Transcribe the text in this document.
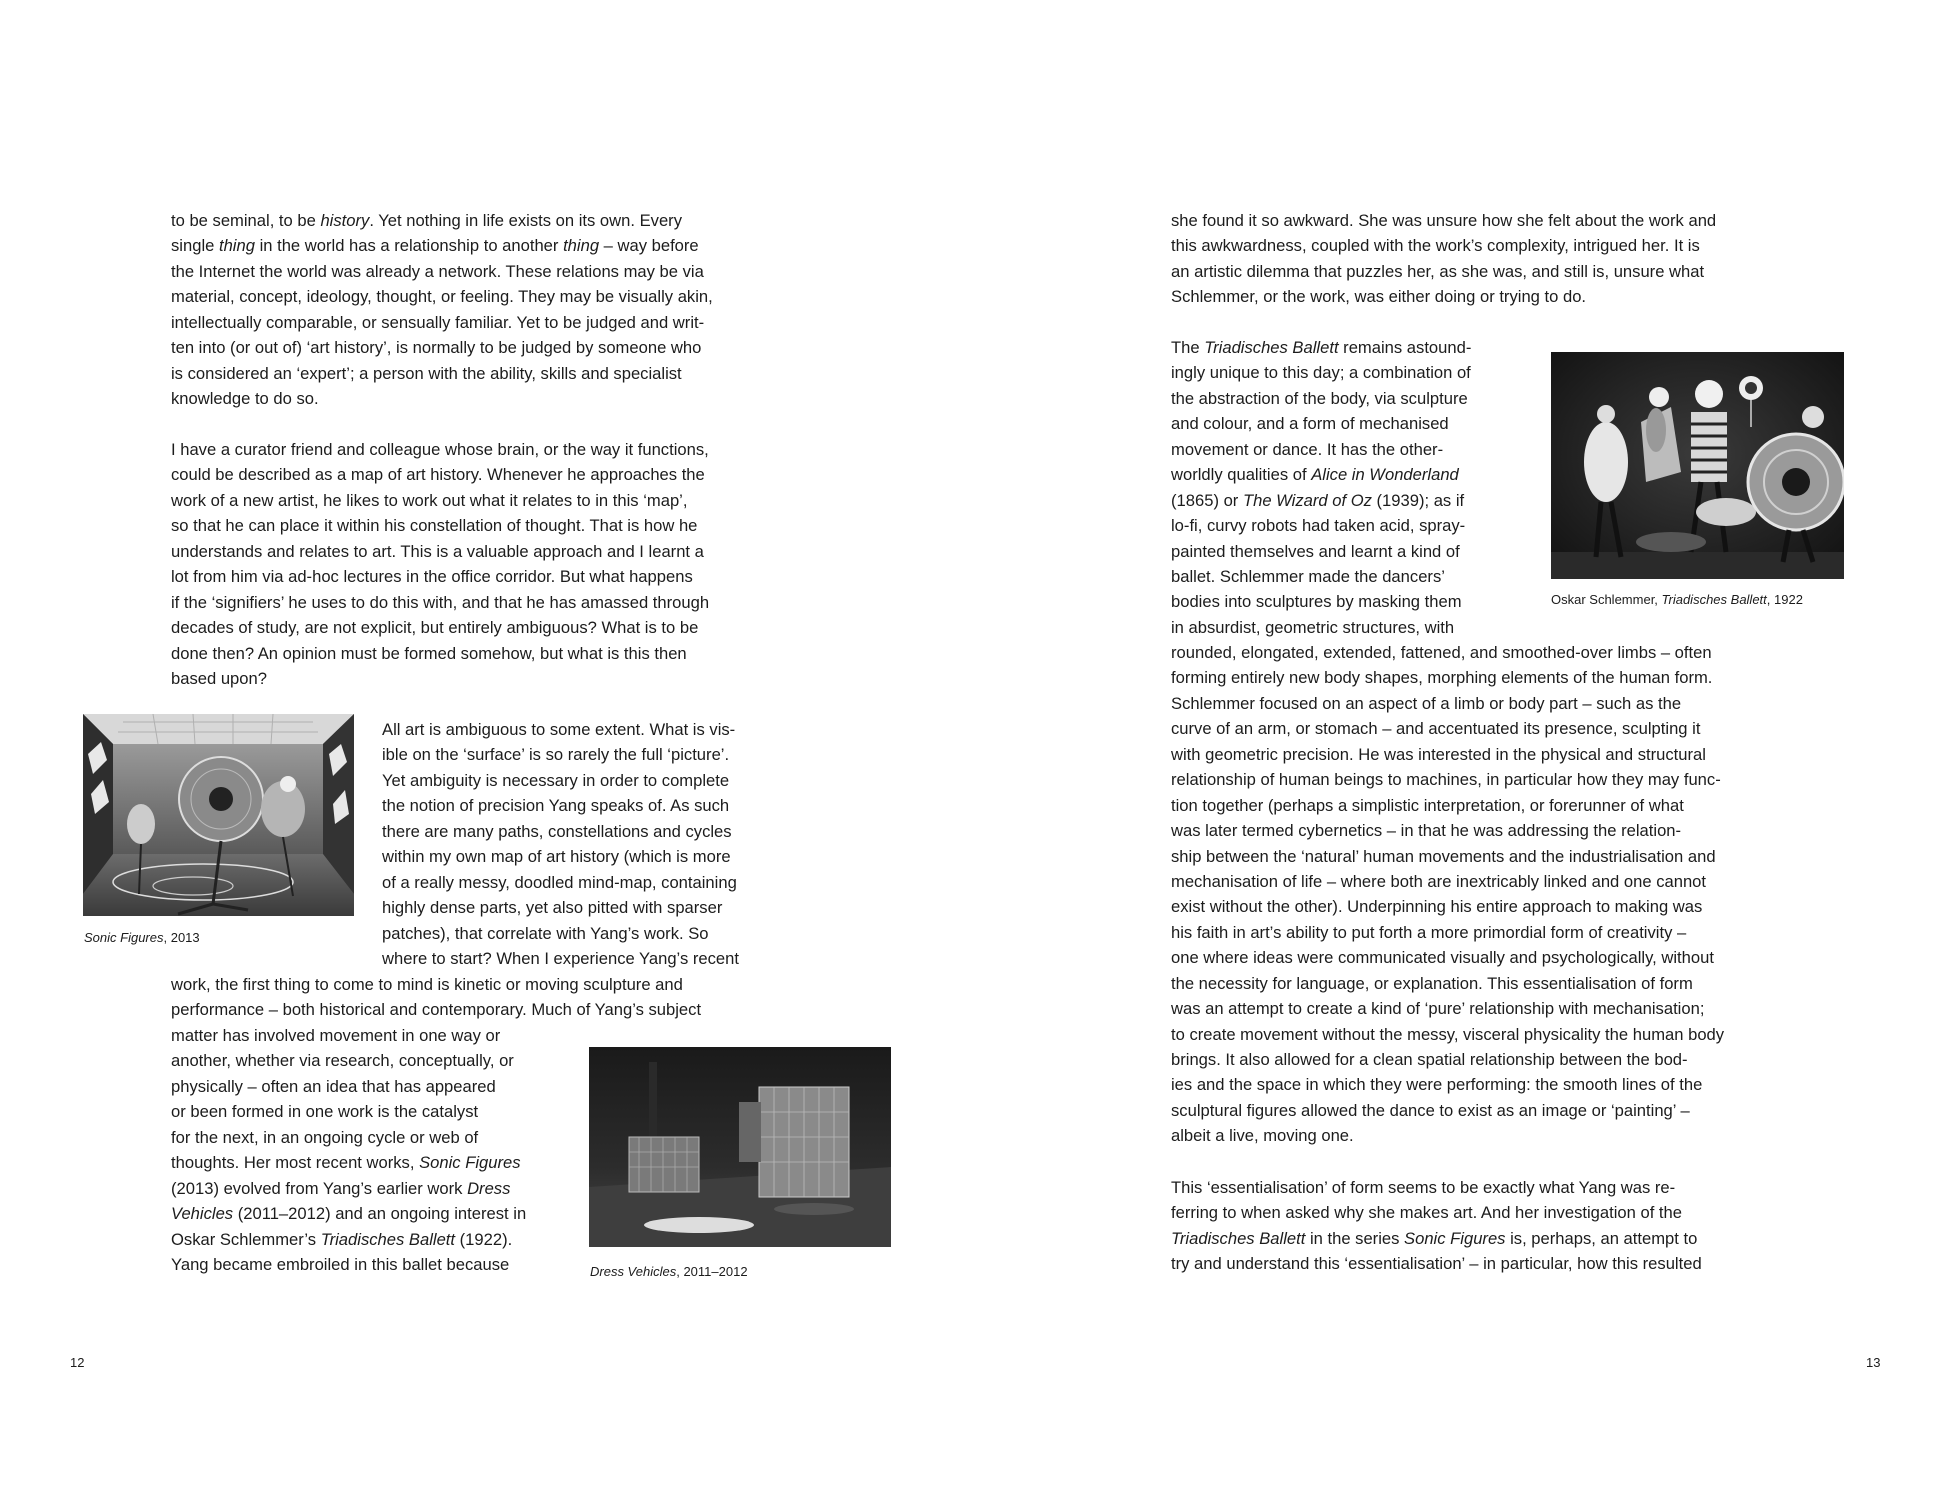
to be seminal, to be history. Yet nothing in life exists on its own. Every
single thing in the world has a relationship to another thing – way before
the Internet the world was already a network. These relations may be via
material, concept, ideology, thought, or feeling. They may be visually akin,
intellectually comparable, or sensually familiar. Yet to be judged and writ-
ten into (or out of) ‘art history’, is normally to be judged by someone who
is considered an ‘expert’; a person with the ability, skills and specialist
knowledge to do so.
I have a curator friend and colleague whose brain, or the way it functions,
could be described as a map of art history. Whenever he approaches the
work of a new artist, he likes to work out what it relates to in this ‘map’,
so that he can place it within his constellation of thought. That is how he
understands and relates to art. This is a valuable approach and I learnt a
lot from him via ad-hoc lectures in the office corridor. But what happens
if the ‘signifiers’ he uses to do this with, and that he has amassed through
decades of study, are not explicit, but entirely ambiguous? What is to be
done then? An opinion must be formed somehow, but what is this then
based upon?
Sonic Figures, 2013
All art is ambiguous to some extent. What is vis-
ible on the ‘surface’ is so rarely the full ‘picture’.
Yet ambiguity is necessary in order to complete
the notion of precision Yang speaks of. As such
there are many paths, constellations and cycles
within my own map of art history (which is more
of a really messy, doodled mind-map, containing
highly dense parts, yet also pitted with sparser
patches), that correlate with Yang’s work. So
where to start? When I experience Yang’s recent
work, the first thing to come to mind is kinetic or moving sculpture and
performance – both historical and contemporary. Much of Yang’s subject
matter has involved movement in one way or
another, whether via research, conceptually, or
physically – often an idea that has appeared
or been formed in one work is the catalyst
for the next, in an ongoing cycle or web of
thoughts. Her most recent works, Sonic Figures
(2013) evolved from Yang’s earlier work Dress
Vehicles (2011–2012) and an ongoing interest in
Oskar Schlemmer’s Triadisches Ballett (1922).
Yang became embroiled in this ballet because	Dress Vehicles, 2011–2012
12
she found it so awkward. She was unsure how she felt about the work and
this awkwardness, coupled with the work’s complexity, intrigued her. It is
an artistic dilemma that puzzles her, as she was, and still is, unsure what
Schlemmer, or the work, was either doing or trying to do.
The Triadisches Ballett remains astound-
ingly unique to this day; a combination of
the abstraction of the body, via sculpture
and colour, and a form of mechanised
movement or dance. It has the other-
worldly qualities of Alice in Wonderland
(1865) or The Wizard of Oz (1939); as if
lo-fi, curvy robots had taken acid, spray-
painted themselves and learnt a kind of
ballet. Schlemmer made the dancers’
bodies into sculptures by masking them
in absurdist, geometric structures, with
Oskar Schlemmer, Triadisches Ballett, 1922
rounded, elongated, extended, fattened, and smoothed-over limbs – often
forming entirely new body shapes, morphing elements of the human form.
Schlemmer focused on an aspect of a limb or body part – such as the
curve of an arm, or stomach – and accentuated its presence, sculpting it
with geometric precision. He was interested in the physical and structural
relationship of human beings to machines, in particular how they may func-
tion together (perhaps a simplistic interpretation, or forerunner of what
was later termed cybernetics – in that he was addressing the relation-
ship between the ‘natural’ human movements and the industrialisation and
mechanisation of life – where both are inextricably linked and one cannot
exist without the other). Underpinning his entire approach to making was
his faith in art’s ability to put forth a more primordial form of creativity –
one where ideas were communicated visually and psychologically, without
the necessity for language, or explanation. This essentialisation of form
was an attempt to create a kind of ‘pure’ relationship with mechanisation;
to create movement without the messy, visceral physicality the human body
brings. It also allowed for a clean spatial relationship between the bod-
ies and the space in which they were performing: the smooth lines of the
sculptural figures allowed the dance to exist as an image or ‘painting’ –
albeit a live, moving one.
This ‘essentialisation’ of form seems to be exactly what Yang was re-
ferring to when asked why she makes art. And her investigation of the
Triadisches Ballett in the series Sonic Figures is, perhaps, an attempt to
try and understand this ‘essentialisation’ – in particular, how this resulted
13
